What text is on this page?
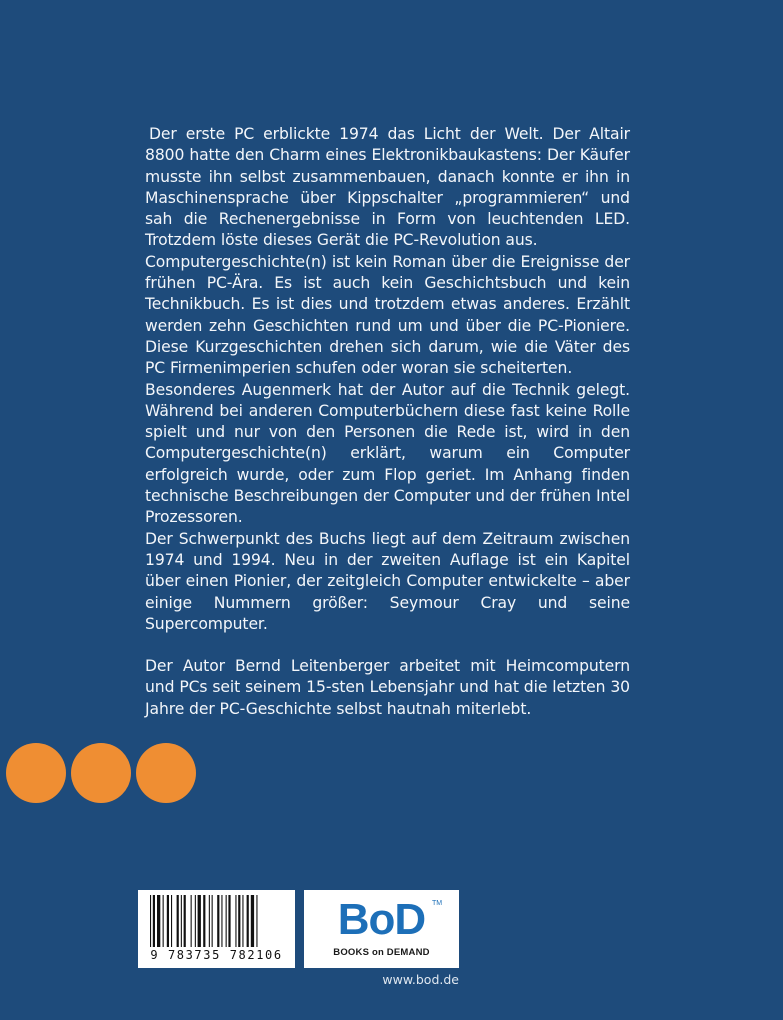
Der erste PC erblickte 1974 das Licht der Welt. Der Altair 8800 hatte den Charm eines Elektronikbaukastens: Der Käufer musste ihn selbst zusammenbauen, danach konnte er ihn in Maschinensprache über Kippschalter „programmieren“ und sah die Rechenergebnisse in Form von leuchtenden LED. Trotzdem löste dieses Gerät die PC-Revolution aus.

Computergeschichte(n) ist kein Roman über die Ereignisse der frühen PC-Ära. Es ist auch kein Geschichtsbuch und kein Technikbuch. Es ist dies und trotzdem etwas anderes. Erzählt werden zehn Geschichten rund um und über die PC-Pioniere. Diese Kurzgeschichten drehen sich darum, wie die Väter des PC Firmenimperien schufen oder woran sie scheiterten.

Besonderes Augenmerk hat der Autor auf die Technik gelegt. Während bei anderen Computerbüchern diese fast keine Rolle spielt und nur von den Personen die Rede ist, wird in den Computergeschichte(n) erklärt, warum ein Computer erfolgreich wurde, oder zum Flop geriet. Im Anhang finden technische Beschreibungen der Computer und der frühen Intel Prozessoren.

Der Schwerpunkt des Buchs liegt auf dem Zeitraum zwischen 1974 und 1994. Neu in der zweiten Auflage ist ein Kapitel über einen Pionier, der zeitgleich Computer entwickelte – aber einige Nummern größer: Seymour Cray und seine Supercomputer.

Der Autor Bernd Leitenberger arbeitet mit Heimcomputern und PCs seit seinem 15-sten Lebensjahr und hat die letzten 30 Jahre der PC-Geschichte selbst hautnah miterlebt.

9 783735 782106
BoD TM
BOOKS on DEMAND
www.bod.de
